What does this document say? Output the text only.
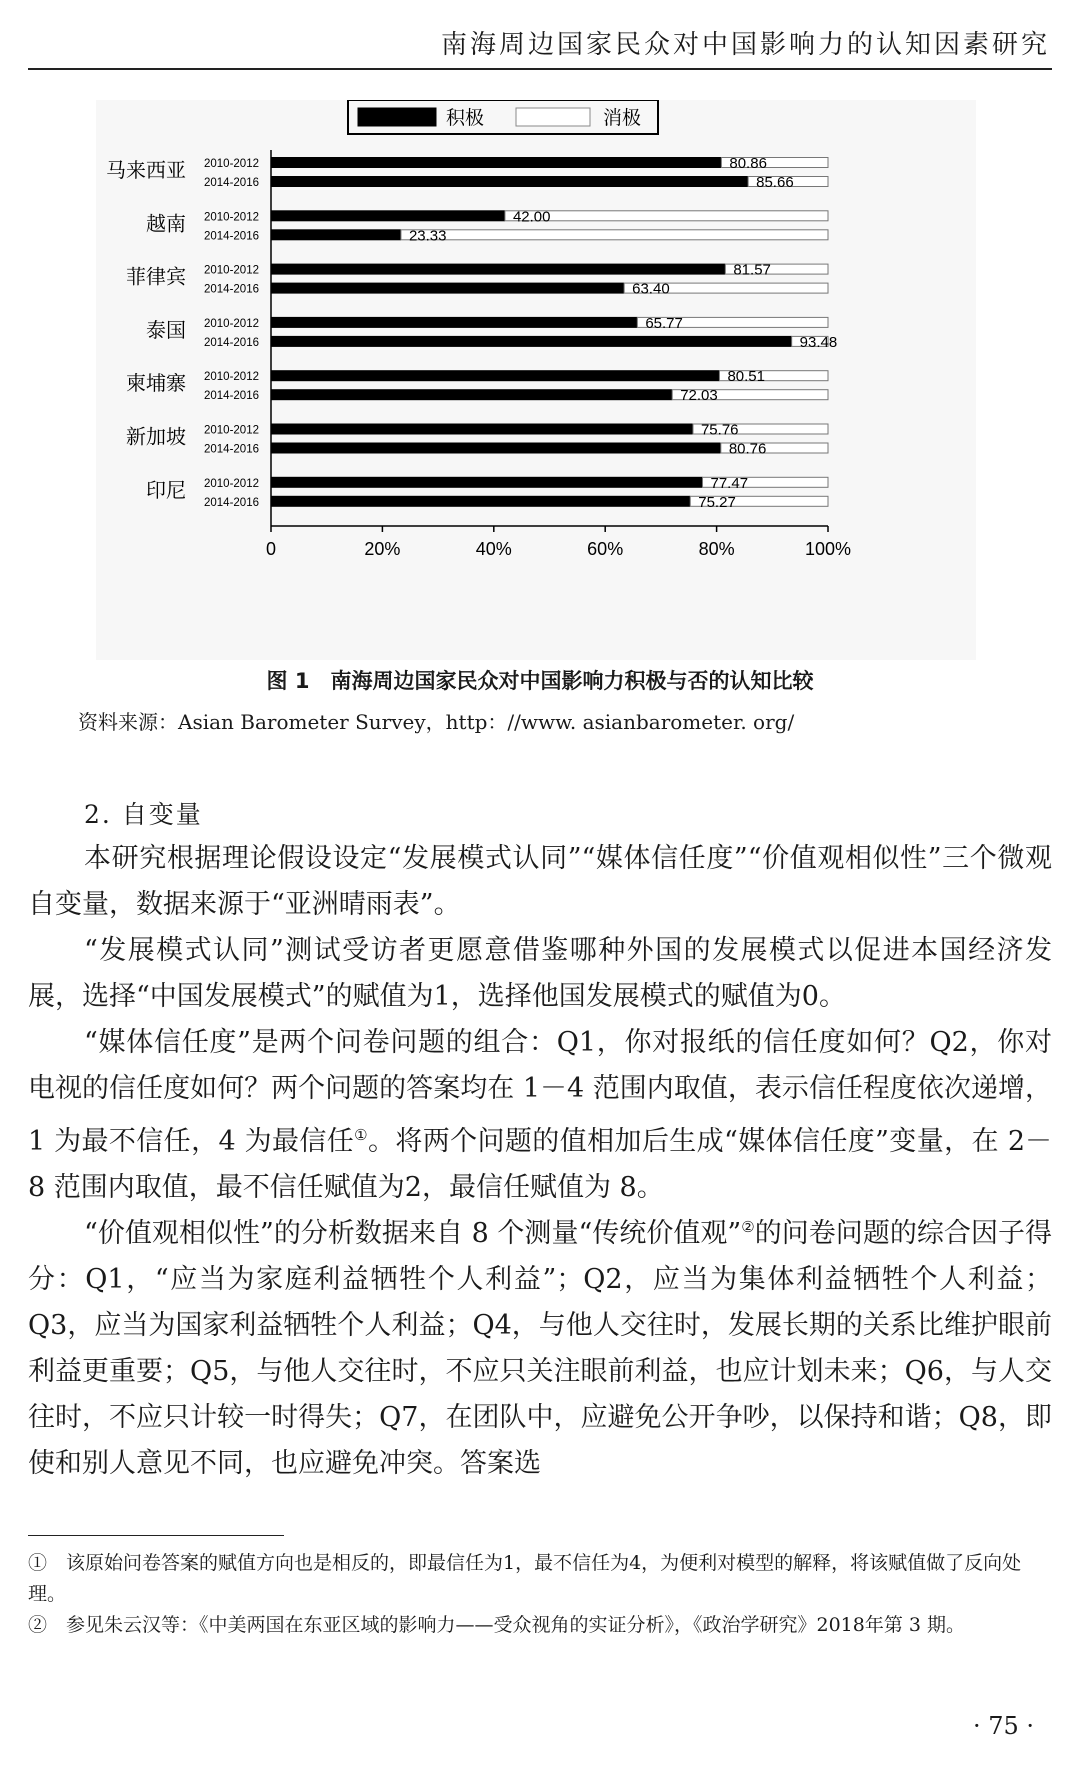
南海周边国家民众对中国影响力的认知因素研究
积极	消极
0	20%	40%	60%	80%	100%
马来西亚 2010-2012	80.86
2014-2016	85.66
越南 2010-2012	42.00
2014-2016	23.33
菲律宾 2010-2012	81.57
2014-2016	63.40
泰国 2010-2012	65.77
2014-2016	93.48
柬埔寨 2010-2012	80.51
2014-2016	72.03
新加坡 2010-2012	75.76
2014-2016	80.76
印尼 2010-2012	77.47
2014-2016	75.27
图 1　南海周边国家民众对中国影响力积极与否的认知比较
资料来源：Asian Barometer Survey，http：//www. asianbarometer. org/
2. 自变量

本研究根据理论假设设定“发展模式认同”“媒体信任度”“价值观相似性”三个微观自变量，数据来源于“亚洲晴雨表”。

“发展模式认同”测试受访者更愿意借鉴哪种外国的发展模式以促进本国经济发展，选择“中国发展模式”的赋值为1，选择他国发展模式的赋值为0。

“媒体信任度”是两个问卷问题的组合：Q1，你对报纸的信任度如何？Q2，你对电视的信任度如何？两个问题的答案均在 1－4 范围内取值，表示信任程度依次递增，1 为最不信任，4 为最信任①。将两个问题的值相加后生成“媒体信任度”变量，在 2－8 范围内取值，最不信任赋值为2，最信任赋值为 8。

“价值观相似性”的分析数据来自 8 个测量“传统价值观”②的问卷问题的综合因子得分：Q1，“应当为家庭利益牺牲个人利益”；Q2，应当为集体利益牺牲个人利益；Q3，应当为国家利益牺牲个人利益；Q4，与他人交往时，发展长期的关系比维护眼前利益更重要；Q5，与他人交往时，不应只关注眼前利益，也应计划未来；Q6，与人交往时，不应只计较一时得失；Q7，在团队中，应避免公开争吵，以保持和谐；Q8，即使和别人意见不同，也应避免冲突。答案选

①　该原始问卷答案的赋值方向也是相反的，即最信任为1，最不信任为4，为便利对模型的解释，将该赋值做了反向处理。

②　参见朱云汉等：《中美两国在东亚区域的影响力——受众视角的实证分析》，《政治学研究》2018年第 3 期。

· 75 ·
